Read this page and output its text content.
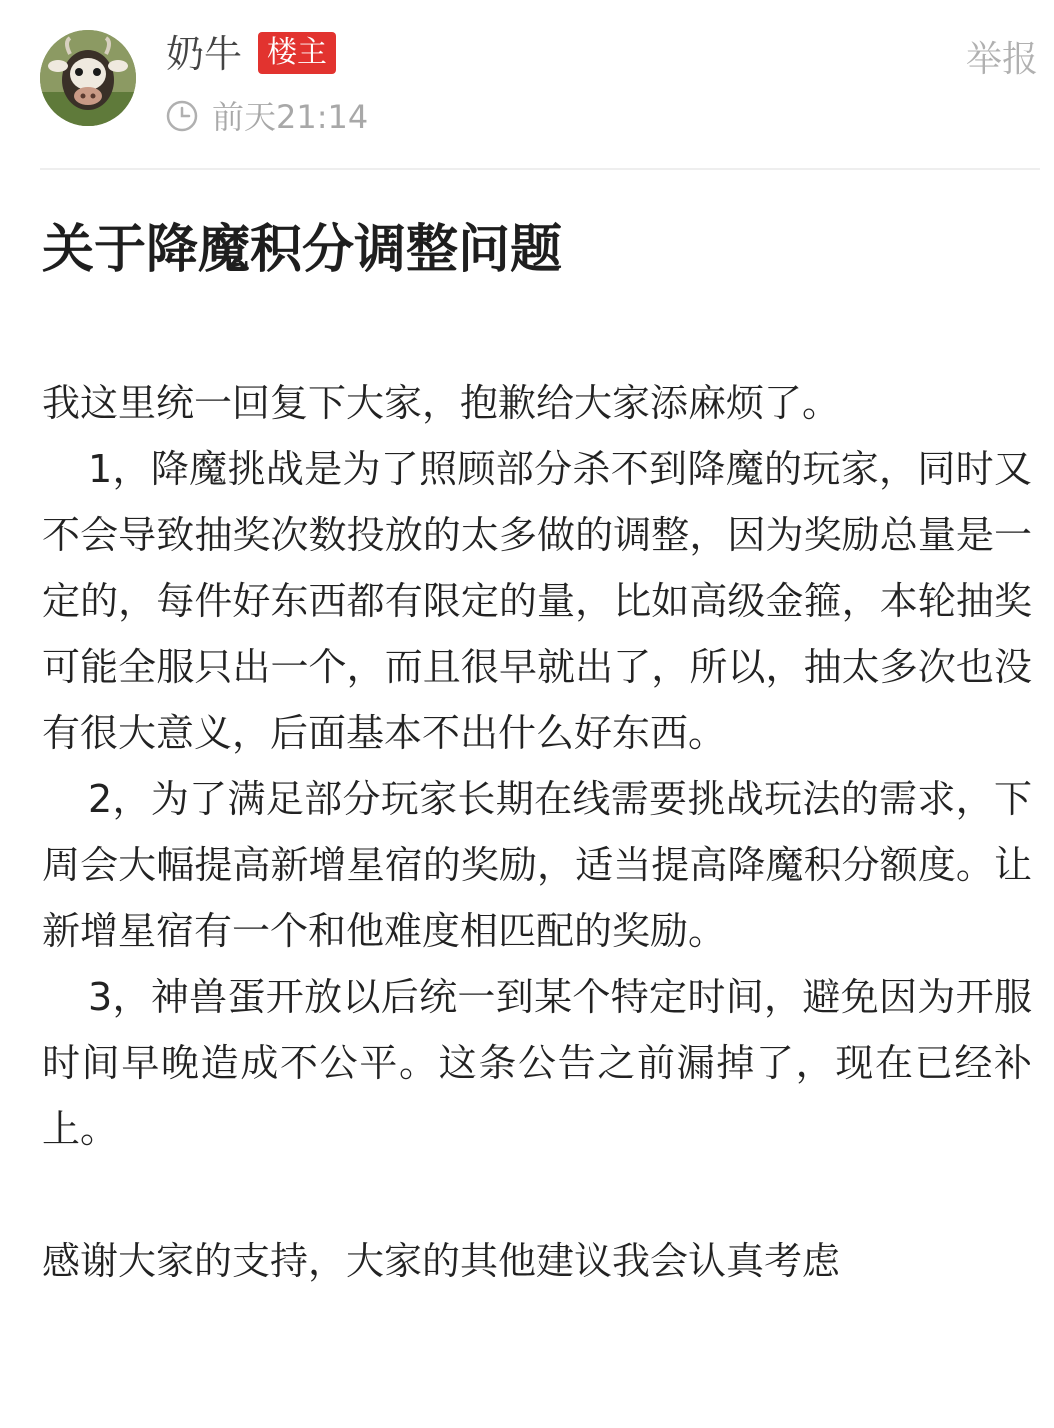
奶牛 楼主	举报
前天21:14
关于降魔积分调整问题

我这里统一回复下大家，抱歉给大家添麻烦了。

1，降魔挑战是为了照顾部分杀不到降魔的玩家，同时又不会导致抽奖次数投放的太多做的调整，因为奖励总量是一定的，每件好东西都有限定的量，比如高级金箍，本轮抽奖可能全服只出一个，而且很早就出了，所以，抽太多次也没有很大意义，后面基本不出什么好东西。

2，为了满足部分玩家长期在线需要挑战玩法的需求，下周会大幅提高新增星宿的奖励，适当提高降魔积分额度。让新增星宿有一个和他难度相匹配的奖励。

3，神兽蛋开放以后统一到某个特定时间，避免因为开服时间早晚造成不公平。这条公告之前漏掉了，现在已经补上。

感谢大家的支持，大家的其他建议我会认真考虑
